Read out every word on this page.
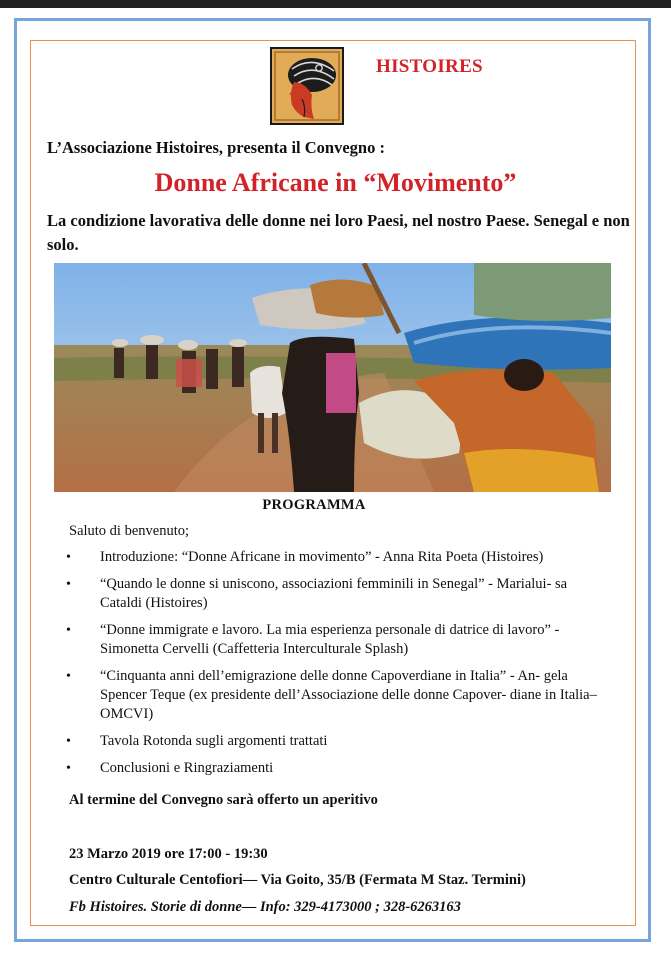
HISTOIRES
L’Associazione Histoires, presenta il Convegno :
Donne Africane in “Movimento”
La condizione lavorativa delle donne nei loro Paesi, nel nostro Paese. Senegal e non solo.
PROGRAMMA
Saluto di benvenuto;
• Introduzione: “Donne Africane in movimento” - Anna Rita Poeta (Histoires)
• “Quando le donne si uniscono, associazioni femminili in Senegal” - Marialui- sa Cataldi (Histoires)
• “Donne immigrate e lavoro. La mia esperienza personale di datrice di lavoro” - Simonetta Cervelli (Caffetteria Interculturale Splash)
• “Cinquanta anni dell’emigrazione delle donne Capoverdiane in Italia” - An- gela Spencer Teque (ex presidente dell’Associazione delle donne Capover- diane in Italia– OMCVI)
• Tavola Rotonda sugli argomenti trattati
• Conclusioni e Ringraziamenti
Al termine del Convegno sarà offerto un aperitivo
23 Marzo 2019 ore 17:00 - 19:30
Centro Culturale Centofiori— Via Goito, 35/B (Fermata M Staz. Termini)
Fb Histoires. Storie di donne— Info: 329-4173000 ; 328-6263163
